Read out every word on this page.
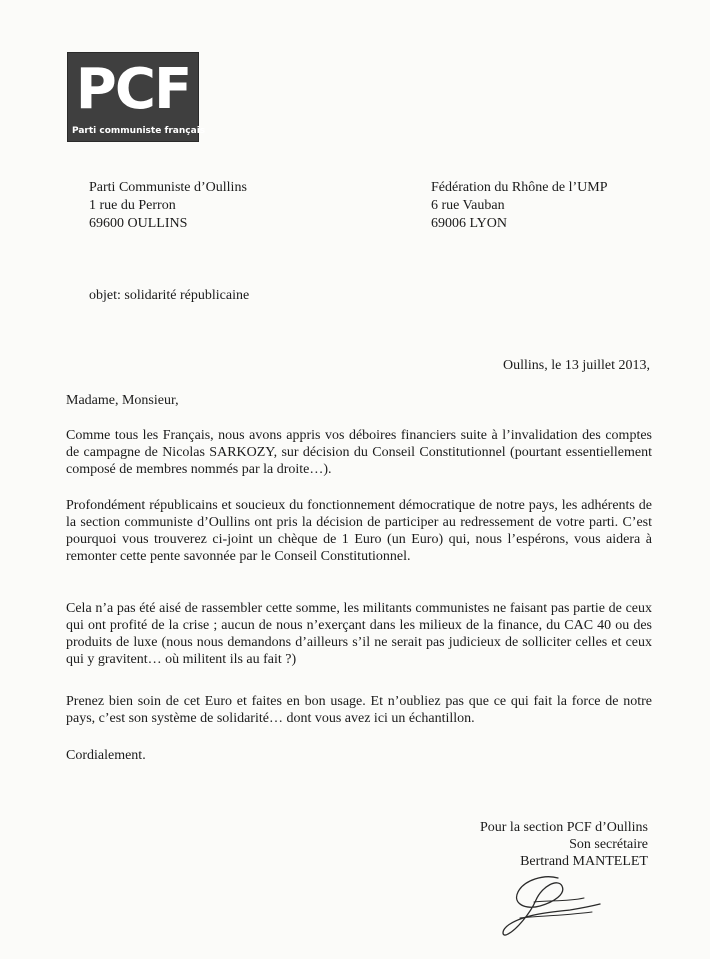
PCF
Parti communiste français
Parti Communiste d’Oullins
1 rue du Perron
69600 OULLINS
Fédération du Rhône de l’UMP
6 rue Vauban
69006 LYON
objet: solidarité républicaine
Oullins, le 13 juillet 2013,
Madame, Monsieur,
Comme tous les Français, nous avons appris vos déboires financiers suite à l’invalidation des comptes de campagne de Nicolas SARKOZY, sur décision du Conseil Constitutionnel (pourtant essentiellement composé de membres nommés par la droite…).
Profondément républicains et soucieux du fonctionnement démocratique de notre pays, les adhérents de la section communiste d’Oullins ont pris la décision de participer au redressement de votre parti. C’est pourquoi vous trouverez ci-joint un chèque de 1 Euro (un Euro) qui, nous l’espérons, vous aidera à remonter cette pente savonnée par le Conseil Constitutionnel.
Cela n’a pas été aisé de rassembler cette somme, les militants communistes ne faisant pas partie de ceux qui ont profité de la crise ; aucun de nous n’exerçant dans les milieux de la finance, du CAC 40 ou des produits de luxe (nous nous demandons d’ailleurs s’il ne serait pas judicieux de solliciter celles et ceux qui y gravitent… où militent ils au fait ?)
Prenez bien soin de cet Euro et faites en bon usage. Et n’oubliez pas que ce qui fait la force de notre pays, c’est son système de solidarité… dont vous avez ici un échantillon.
Cordialement.
Pour la section PCF d’Oullins
Son secrétaire
Bertrand MANTELET
